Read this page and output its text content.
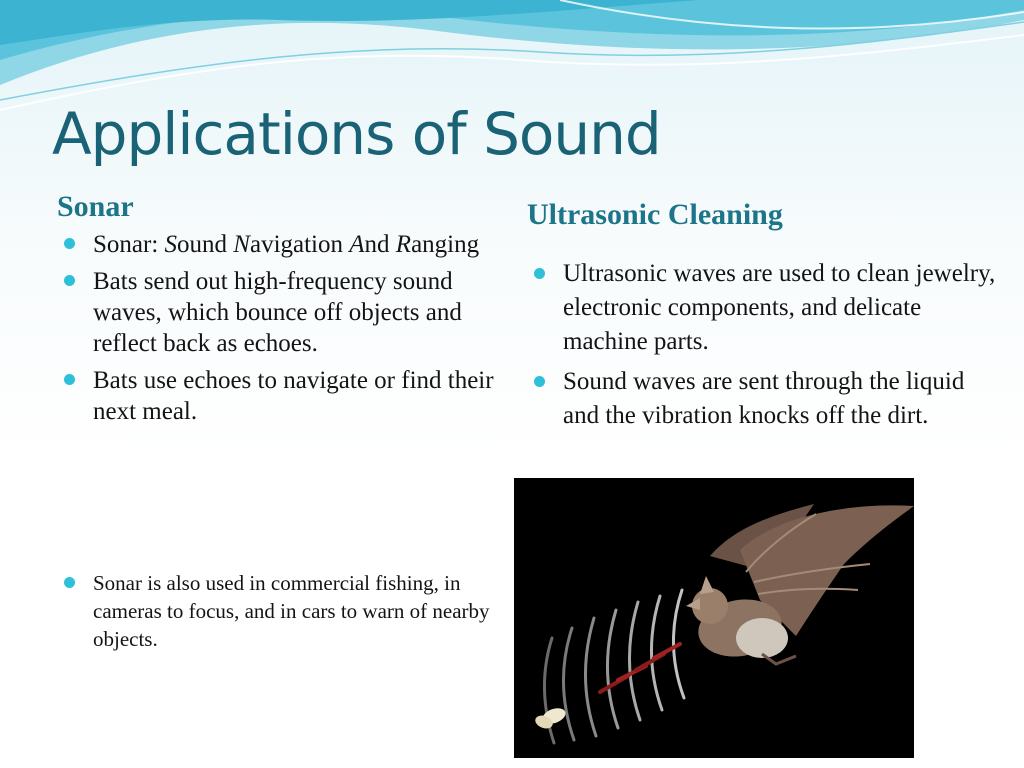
Applications of Sound
Sonar
Sonar: Sound Navigation And Ranging
Bats send out high-frequency sound waves, which bounce off objects and reflect back as echoes.
Bats use echoes to navigate or find their next meal.
Sonar is also used in commercial fishing, in cameras to focus, and in cars to warn of nearby objects.
Ultrasonic Cleaning
Ultrasonic waves are used to clean jewelry, electronic components, and delicate machine parts.
Sound waves are sent through the liquid and the vibration knocks off the dirt.
